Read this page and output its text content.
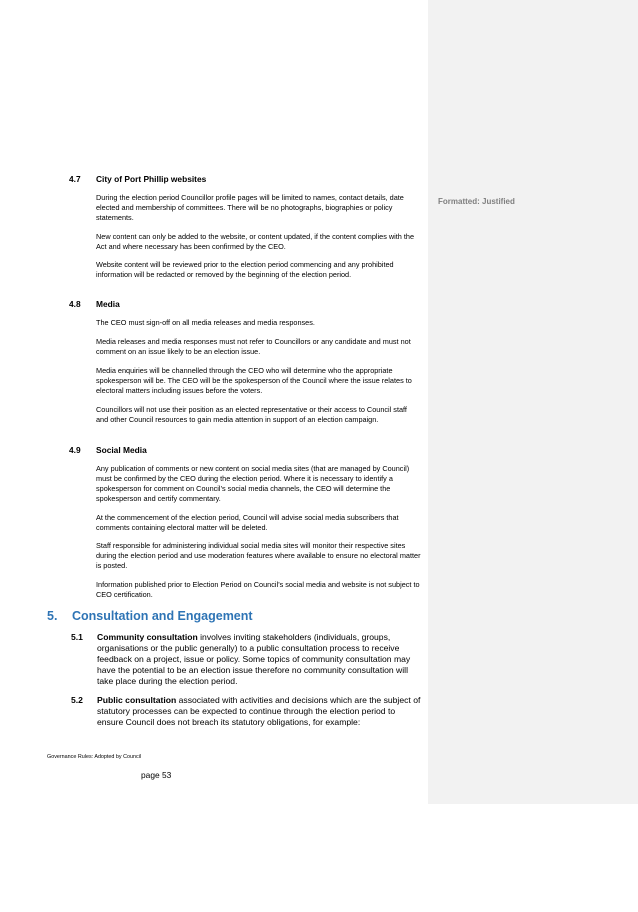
Formatted: Justified
4.7 City of Port Phillip websites

During the election period Councillor profile pages will be limited to names, contact details, date elected and membership of committees. There will be no photographs, biographies or policy statements.

New content can only be added to the website, or content updated, if the content complies with the Act and where necessary has been confirmed by the CEO.

Website content will be reviewed prior to the election period commencing and any prohibited information will be redacted or removed by the beginning of the election period.

4.8 Media

The CEO must sign-off on all media releases and media responses.

Media releases and media responses must not refer to Councillors or any candidate and must not comment on an issue likely to be an election issue.

Media enquiries will be channelled through the CEO who will determine who the appropriate spokesperson will be. The CEO will be the spokesperson of the Council where the issue relates to electoral matters including issues before the voters.

Councillors will not use their position as an elected representative or their access to Council staff and other Council resources to gain media attention in support of an election campaign.

4.9 Social Media

Any publication of comments or new content on social media sites (that are managed by Council) must be confirmed by the CEO during the election period. Where it is necessary to identify a spokesperson for comment on Council’s social media channels, the CEO will determine the spokesperson and certify commentary.

At the commencement of the election period, Council will advise social media subscribers that comments containing electoral matter will be deleted.

Staff responsible for administering individual social media sites will monitor their respective sites during the election period and use moderation features where available to ensure no electoral matter is posted.

Information published prior to Election Period on Council’s social media and website is not subject to CEO certification.

5. Consultation and Engagement
5.1 Community consultation involves inviting stakeholders (individuals, groups, organisations or the public generally) to a public consultation process to receive feedback on a project, issue or policy. Some topics of community consultation may have the potential to be an election issue therefore no community consultation will take place during the election period.

5.2 Public consultation associated with activities and decisions which are the subject of statutory processes can be expected to continue through the election period to ensure Council does not breach its statutory obligations, for example:

Governance Rules: Adopted by Council
page 53
